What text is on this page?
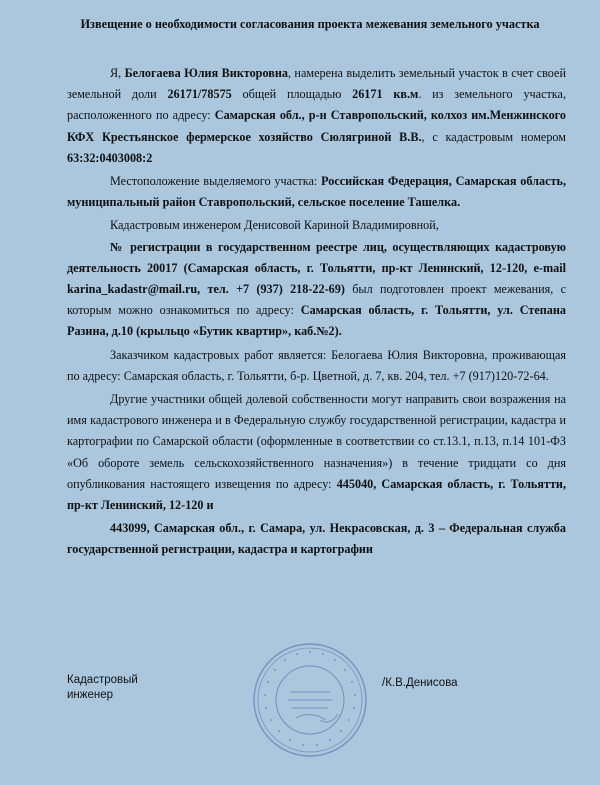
Извещение о необходимости согласования проекта межевания земельного участка

Я, Белогаева Юлия Викторовна, намерена выделить земельный участок в счет своей земельной доли 26171/78575 общей площадью 26171 кв.м. из земельного участка, расположенного по адресу: Самарская обл., р-н Ставропольский, колхоз им.Менжинского КФХ Крестьянское фермерское хозяйство Сюлягриной В.В., с кадастровым номером 63:32:0403008:2

Местоположение выделяемого участка: Российская Федерация, Самарская область, муниципальный район Ставропольский, сельское поселение Ташелка.

Кадастровым инженером Денисовой Кариной Владимировной,

№ регистрации в государственном реестре лиц, осуществляющих кадастровую деятельность 20017 (Самарская область, г. Тольятти, пр-кт Ленинский, 12-120, e-mail karina_kadastr@mail.ru, тел. +7 (937) 218-22-69) был подготовлен проект межевания, с которым можно ознакомиться по адресу: Самарская область, г. Тольятти, ул. Степана Разина, д.10 (крыльцо «Бутик квартир», каб.№2).

Заказчиком кадастровых работ является: Белогаева Юлия Викторовна, проживающая по адресу: Самарская область, г. Тольятти, б-р. Цветной, д. 7, кв. 204, тел. +7 (917)120-72-64.

Другие участники общей долевой собственности могут направить свои возражения на имя кадастрового инженера и в Федеральную службу государственной регистрации, кадастра и картографии по Самарской области (оформленные в соответствии со ст.13.1, п.13, п.14 101-ФЗ «Об обороте земель сельскохозяйственного назначения») в течение тридцати со дня опубликования настоящего извещения по адресу: 445040, Самарская область, г. Тольятти, пр-кт Ленинский, 12-120 и

443099, Самарская обл., г. Самара, ул. Некрасовская, д. 3 – Федеральная служба государственной регистрации, кадастра и картографии

Кадастровый
инженер
/К.В.Денисова
